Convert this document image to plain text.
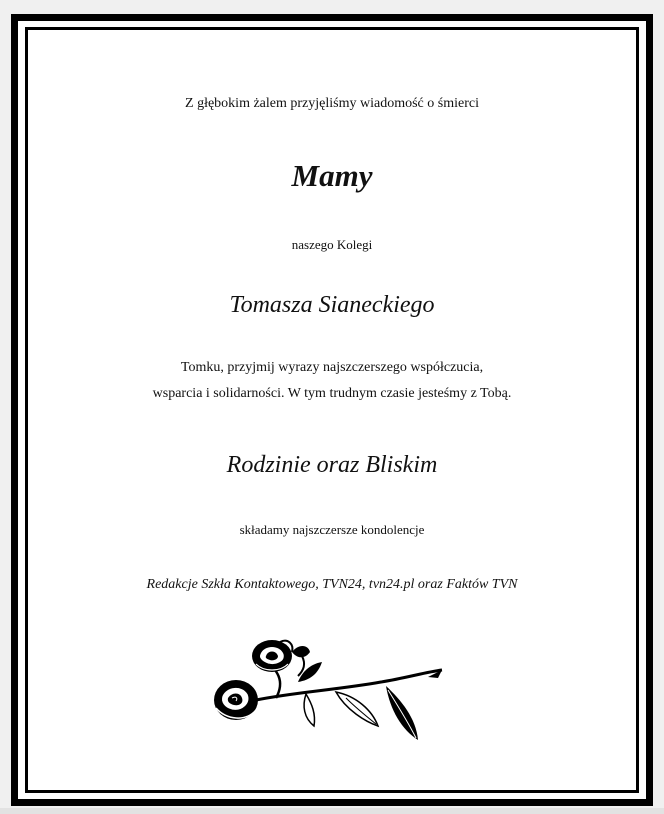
Z głębokim żalem przyjęliśmy wiadomość o śmierci
Mamy
naszego Kolegi
Tomasza Sianeckiego
Tomku, przyjmij wyrazy najszczerszego współczucia,
wsparcia i solidarności. W tym trudnym czasie jesteśmy z Tobą.
Rodzinie oraz Bliskim
składamy najszczersze kondolencje
Redakcje Szkła Kontaktowego, TVN24, tvn24.pl oraz Faktów TVN
